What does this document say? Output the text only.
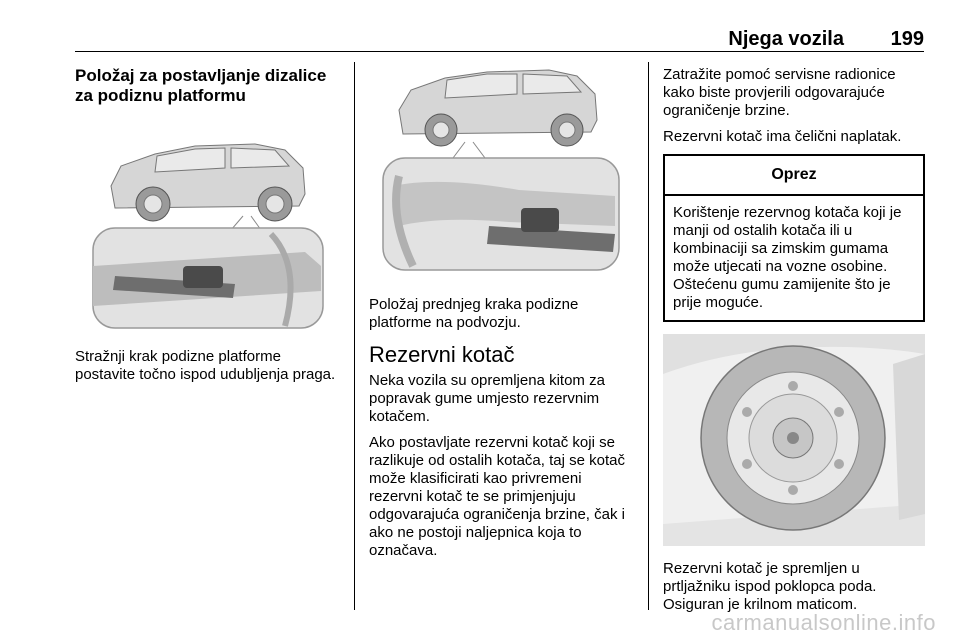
Njega vozila 199
Položaj za postavljanje dizalice za podiznu platformu
Stražnji krak podizne platforme postavite točno ispod udubljenja praga.
Položaj prednjeg kraka podizne platforme na podvozju.
Rezervni kotač
Neka vozila su opremljena kitom za popravak gume umjesto rezervnim kotačem.
Ako postavljate rezervni kotač koji se razlikuje od ostalih kotača, taj se kotač može klasificirati kao privremeni rezervni kotač te se primjenjuju odgovarajuća ograničenja brzine, čak i ako ne postoji naljepnica koja to označava.
Zatražite pomoć servisne radionice kako biste provjerili odgovarajuće ograničenje brzine.
Rezervni kotač ima čelični naplatak.
Oprez
Korištenje rezervnog kotača koji je manji od ostalih kotača ili u kombinaciji sa zimskim gumama može utjecati na vozne osobine. Oštećenu gumu zamijenite što je prije moguće.
Rezervni kotač je spremljen u prtljažniku ispod poklopca poda. Osiguran je krilnom maticom.
carmanualsonline.info
